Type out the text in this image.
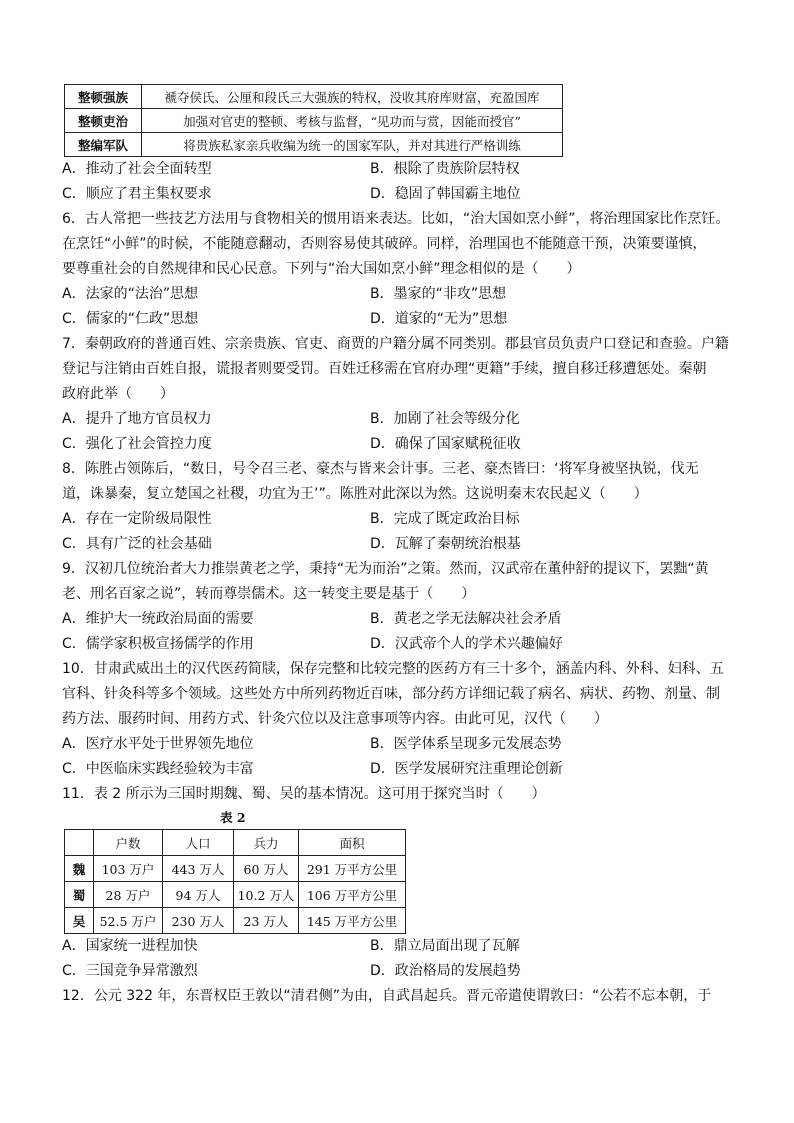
整顿强族	褫夺侯氏、公厘和段氏三大强族的特权，没收其府库财富，充盈国库
整顿吏治	加强对官吏的整顿、考核与监督，“见功而与赏，因能而授官”
整编军队	将贵族私家亲兵收编为统一的国家军队，并对其进行严格训练
A．推动了社会全面转型	B．根除了贵族阶层特权
C．顺应了君主集权要求	D．稳固了韩国霸主地位
6．古人常把一些技艺方法用与食物相关的惯用语来表达。比如，“治大国如烹小鲜”，将治理国家比作烹饪。
在烹饪“小鲜”的时候，不能随意翻动，否则容易使其破碎。同样，治理国也不能随意干预，决策要谨慎，
要尊重社会的自然规律和民心民意。下列与“治大国如烹小鲜”理念相似的是（　　）
A．法家的“法治”思想	B．墨家的“非攻”思想
C．儒家的“仁政”思想	D．道家的“无为”思想
7．秦朝政府的普通百姓、宗亲贵族、官吏、商贾的户籍分属不同类别。郡县官员负责户口登记和查验。户籍
登记与注销由百姓自报，谎报者则要受罚。百姓迁移需在官府办理“更籍”手续，擅自移迁移遭惩处。秦朝
政府此举（　　）
A．提升了地方官员权力	B．加剧了社会等级分化
C．强化了社会管控力度	D．确保了国家赋税征收
8．陈胜占领陈后，“数日，号令召三老、豪杰与皆来会计事。三老、豪杰皆曰：‘将军身被坚执锐，伐无
道，诛暴秦，复立楚国之社稷，功宜为王’”。陈胜对此深以为然。这说明秦末农民起义（　　）
A．存在一定阶级局限性	B．完成了既定政治目标
C．具有广泛的社会基础	D．瓦解了秦朝统治根基
9．汉初几位统治者大力推崇黄老之学，秉持“无为而治”之策。然而，汉武帝在董仲舒的提议下，罢黜“黄
老、刑名百家之说”，转而尊崇儒术。这一转变主要是基于（　　）
A．维护大一统政治局面的需要	B．黄老之学无法解决社会矛盾
C．儒学家积极宣扬儒学的作用	D．汉武帝个人的学术兴趣偏好
10．甘肃武威出土的汉代医药简牍，保存完整和比较完整的医药方有三十多个，涵盖内科、外科、妇科、五
官科、针灸科等多个领域。这些处方中所列药物近百味，部分药方详细记载了病名、病状、药物、剂量、制
药方法、服药时间、用药方式、针灸穴位以及注意事项等内容。由此可见，汉代（　　）
A．医疗水平处于世界领先地位	B．医学体系呈现多元发展态势
C．中医临床实践经验较为丰富	D．医学发展研究注重理论创新
11．表 2 所示为三国时期魏、蜀、吴的基本情况。这可用于探究当时（　　）
表 2
	户数	人口	兵力	面积
魏	103 万户	443 万人	60 万人	291 万平方公里
蜀	28 万户	94 万人	10.2 万人	106 万平方公里
吴	52.5 万户	230 万人	23 万人	145 万平方公里
A．国家统一进程加快	B．鼎立局面出现了瓦解
C．三国竞争异常激烈	D．政治格局的发展趋势
12．公元 322 年，东晋权臣王敦以“清君侧”为由，自武昌起兵。晋元帝遣使谓敦曰：“公若不忘本朝，于
